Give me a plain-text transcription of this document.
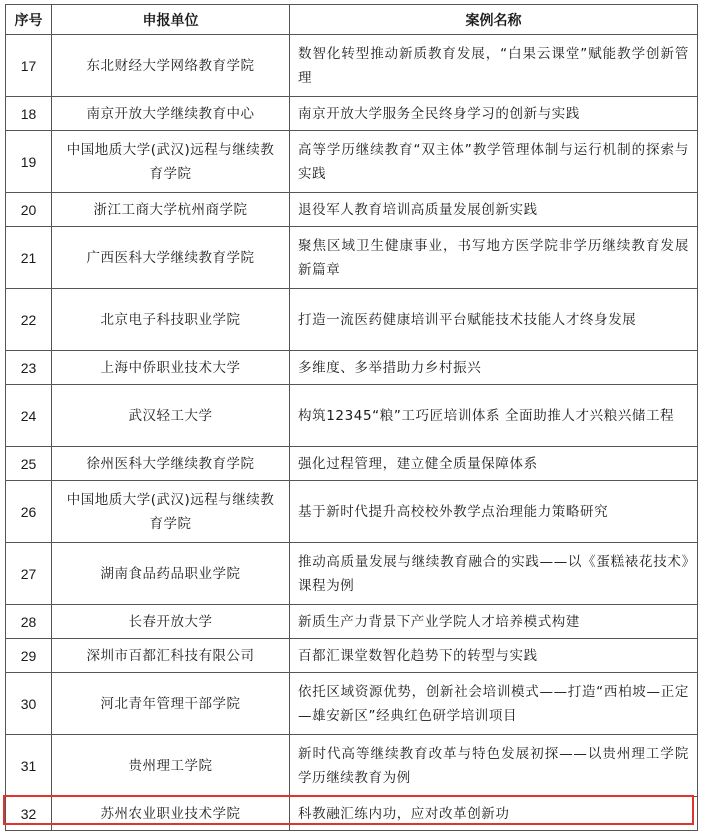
序号	申报单位	案例名称
17	东北财经大学网络教育学院	数智化转型推动新质教育发展，“白果云课堂”赋能教学创新管理
18	南京开放大学继续教育中心	南京开放大学服务全民终身学习的创新与实践
19	中国地质大学(武汉)远程与继续教育学院	高等学历继续教育“双主体”教学管理体制与运行机制的探索与实践
20	浙江工商大学杭州商学院	退役军人教育培训高质量发展创新实践
21	广西医科大学继续教育学院	聚焦区域卫生健康事业，书写地方医学院非学历继续教育发展新篇章
22	北京电子科技职业学院	打造一流医药健康培训平台赋能技术技能人才终身发展
23	上海中侨职业技术大学	多维度、多举措助力乡村振兴
24	武汉轻工大学	构筑12345“粮”工巧匠培训体系 全面助推人才兴粮兴储工程
25	徐州医科大学继续教育学院	强化过程管理，建立健全质量保障体系
26	中国地质大学(武汉)远程与继续教育学院	基于新时代提升高校校外教学点治理能力策略研究
27	湖南食品药品职业学院	推动高质量发展与继续教育融合的实践——以《蛋糕裱花技术》课程为例
28	长春开放大学	新质生产力背景下产业学院人才培养模式构建
29	深圳市百都汇科技有限公司	百都汇课堂数智化趋势下的转型与实践
30	河北青年管理干部学院	依托区域资源优势，创新社会培训模式——打造“西柏坡—正定—雄安新区”经典红色研学培训项目
31	贵州理工学院	新时代高等继续教育改革与特色发展初探——以贵州理工学院学历继续教育为例
32	苏州农业职业技术学院	科教融汇练内功，应对改革创新功
